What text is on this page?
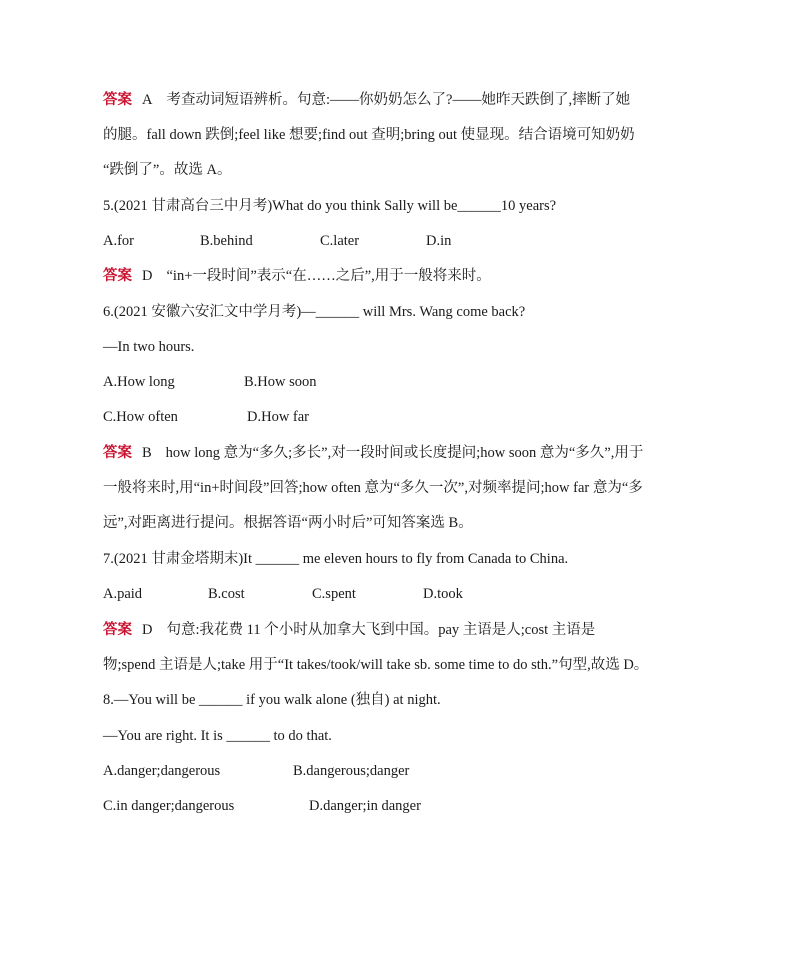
答案 A 考查动词短语辨析。句意:——你奶奶怎么了?——她昨天跌倒了,摔断了她
的腿。fall down 跌倒;feel like 想要;find out 查明;bring out 使显现。结合语境可知奶奶
“跌倒了”。故选 A。
5.(2021 甘肃高台三中月考)What do you think Sally will be______10 years?
A.for	B.behind	C.later	D.in
答案 D “in+一段时间”表示“在……之后”,用于一般将来时。
6.(2021 安徽六安汇文中学月考)—______ will Mrs. Wang come back?
—In two hours.
A.How long	B.How soon
C.How often	D.How far
答案 B how long 意为“多久;多长”,对一段时间或长度提问;how soon 意为“多久”,用于
一般将来时,用“in+时间段”回答;how often 意为“多久一次”,对频率提问;how far 意为“多
远”,对距离进行提问。根据答语“两小时后”可知答案选 B。
7.(2021 甘肃金塔期末)It ______ me eleven hours to fly from Canada to China.
A.paid	B.cost	C.spent	D.took
答案 D 句意:我花费 11 个小时从加拿大飞到中国。pay 主语是人;cost 主语是
物;spend 主语是人;take 用于“It takes/took/will take sb. some time to do sth.”句型,故选 D。
8.—You will be ______ if you walk alone (独自) at night.
—You are right. It is ______ to do that.
A.danger;dangerous	B.dangerous;danger
C.in danger;dangerous	D.danger;in danger
